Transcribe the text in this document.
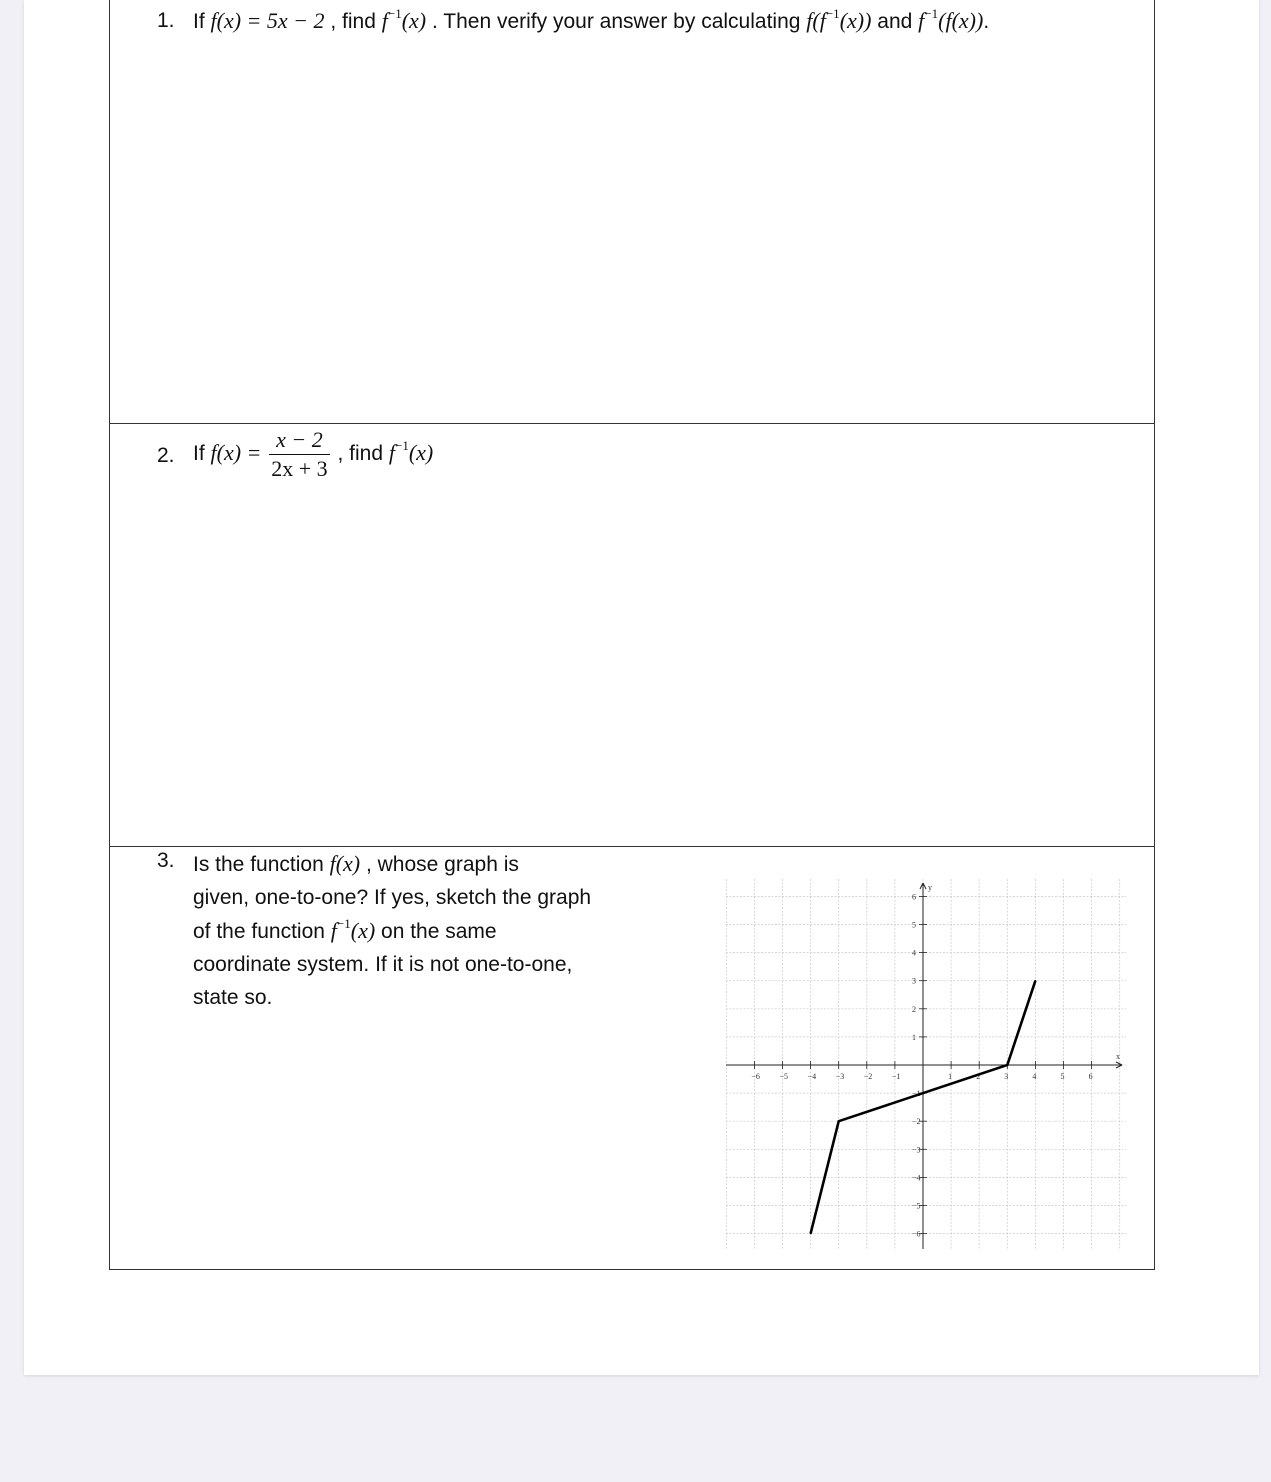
1. If f(x) = 5x − 2 , find $f^{-1}(x)$ . Then verify your answer by calculating $f(f^{-1}(x))$ and $f^{-1}(f(x))$.
2. If $f(x) = \frac{x - 2}{2x + 3}$ , find $f^{-1}(x)$
3. Is the function f(x) , whose graph is
given, one-to-one? If yes, sketch the graph
of the function $f^{-1}(x)$ on the same
coordinate system. If it is not one-to-one,
state so.
x
y
−6 −5 −4 −3 −2 −1	1	2	3	4	5	6
−6
−5
−4
−3
−2
−1
1
2
3
4
5
6
